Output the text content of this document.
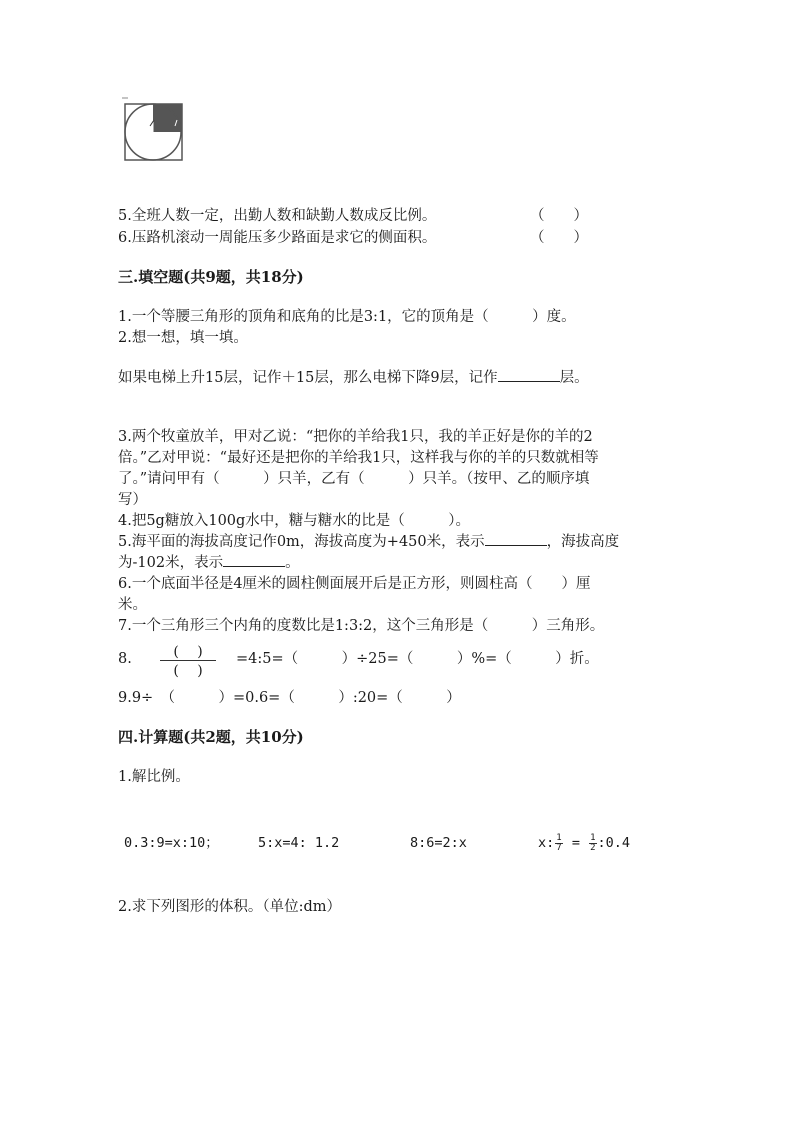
5.全班人数一定，出勤人数和缺勤人数成反比例。	（　　）
6.压路机滚动一周能压多少路面是求它的侧面积。	（　　）
三.填空题(共9题，共18分)
1.一个等腰三角形的顶角和底角的比是3:1，它的顶角是（　　　）度。
2.想一想，填一填。
如果电梯上升15层，记作＋15层，那么电梯下降9层，记作	层。
3.两个牧童放羊，甲对乙说：“把你的羊给我1只，我的羊正好是你的羊的2
倍。”乙对甲说：“最好还是把你的羊给我1只，这样我与你的羊的只数就相等
了。”请问甲有（　　　）只羊，乙有（　　　）只羊。（按甲、乙的顺序填
写）
4.把5g糖放入100g水中，糖与糖水的比是（　　　）。
5.海平面的海拔高度记作0m，海拔高度为+450米，表示	，海拔高度
为-102米，表示	。
6.一个底面半径是4厘米的圆柱侧面展开后是正方形，则圆柱高（　　）厘
米。
7.一个三角形三个内角的度数比是1:3:2，这个三角形是（　　　）三角形。
8.	(　 )
(　 )
=4:5=（　　　）÷25=（　　　）%=（　　　）折。
9.9÷　（　　　）=0.6=（　　　）:20=（　　　）
四.计算题(共2题，共10分)
1.解比例。
0.3:9=x:10；	5:x=4: 1.2	8:6=2:x	x: $\frac{1}{7} = \frac{1}{2}$ :0.4
2.求下列图形的体积。（单位:dm）
